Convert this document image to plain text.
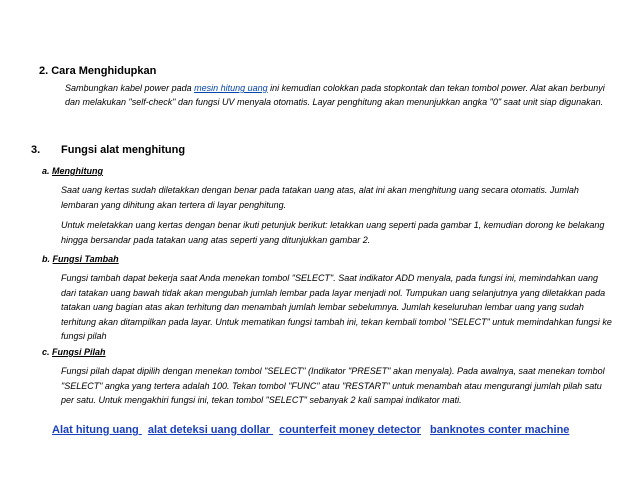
2. Cara Menghidupkan
Sambungkan kabel power pada mesin hitung uang ini kemudian colokkan pada stopkontak dan tekan tombol power. Alat akan berbunyi dan melakukan "self-check" dan fungsi UV menyala otomatis. Layar penghitung akan menunjukkan angka "0" saat unit siap digunakan.
3. Fungsi alat menghitung
a. Menghitung
Saat uang kertas sudah diletakkan dengan benar pada tatakan uang atas, alat ini akan menghitung uang secara otomatis. Jumlah lembaran yang dihitung akan tertera di layar penghitung.
Untuk meletakkan uang kertas dengan benar ikuti petunjuk berikut: letakkan uang seperti pada gambar 1, kemudian dorong ke belakang hingga bersandar pada tatakan uang atas seperti yang ditunjukkan gambar 2.
b. Fungsi Tambah
Fungsi tambah dapat bekerja saat Anda menekan tombol "SELECT". Saat indikator ADD menyala, pada fungsi ini, memindahkan uang dari tatakan uang bawah tidak akan mengubah jumlah lembar pada layar menjadi nol. Tumpukan uang selanjutnya yang diletakkan pada tatakan uang bagian atas akan terhitung dan menambah jumlah lembar sebelumnya. Jumlah keseluruhan lembar uang yang sudah terhitung akan ditampilkan pada layar. Untuk mematikan fungsi tambah ini, tekan kembali tombol "SELECT" untuk memindahkan fungsi ke fungsi pilah
c. Fungsi Pilah
Fungsi pilah dapat dipilih dengan menekan tombol "SELECT" (Indikator "PRESET" akan menyala). Pada awalnya, saat menekan tombol "SELECT" angka yang tertera adalah 100. Tekan tombol "FUNC" atau "RESTART" untuk menambah atau mengurangi jumlah pilah satu per satu. Untuk mengakhiri fungsi ini, tekan tombol "SELECT" sebanyak 2 kali sampai indikator mati.
Alat hitung uang alat deteksi uang dollar counterfeit money detector banknotes conter machine
